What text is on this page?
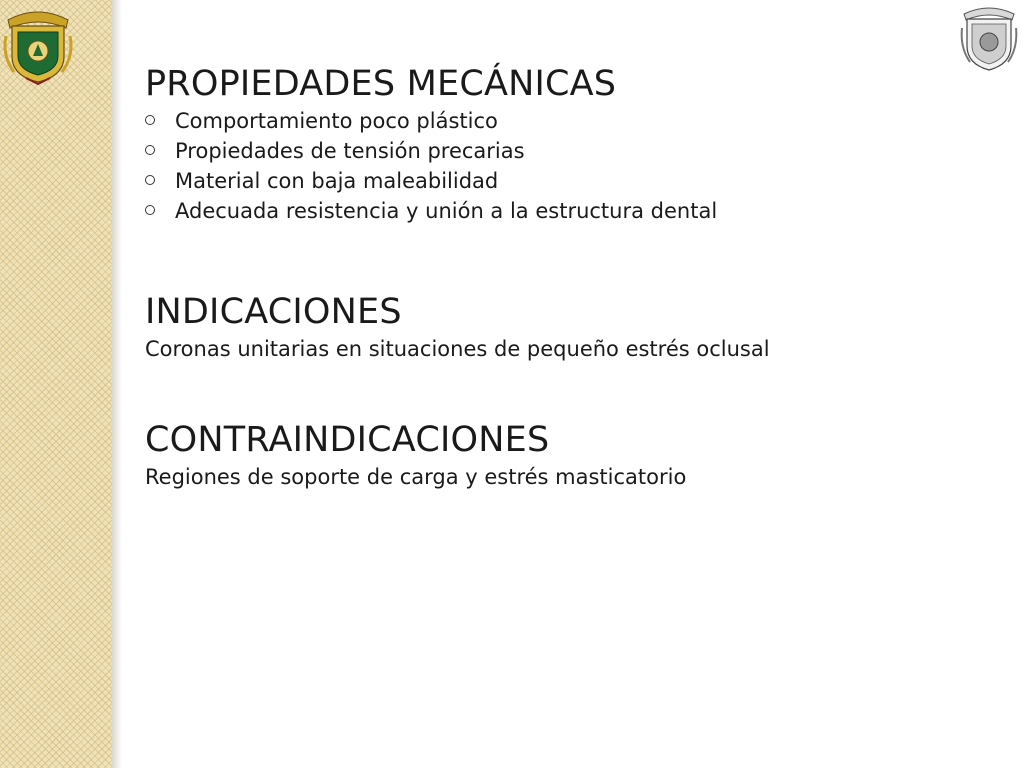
PROPIEDADES MECÁNICAS
Comportamiento poco plástico
Propiedades de tensión precarias
Material con baja maleabilidad
Adecuada resistencia y unión a la estructura dental
INDICACIONES

Coronas unitarias en situaciones de pequeño estrés oclusal

CONTRAINDICACIONES

Regiones de soporte de carga y estrés masticatorio
